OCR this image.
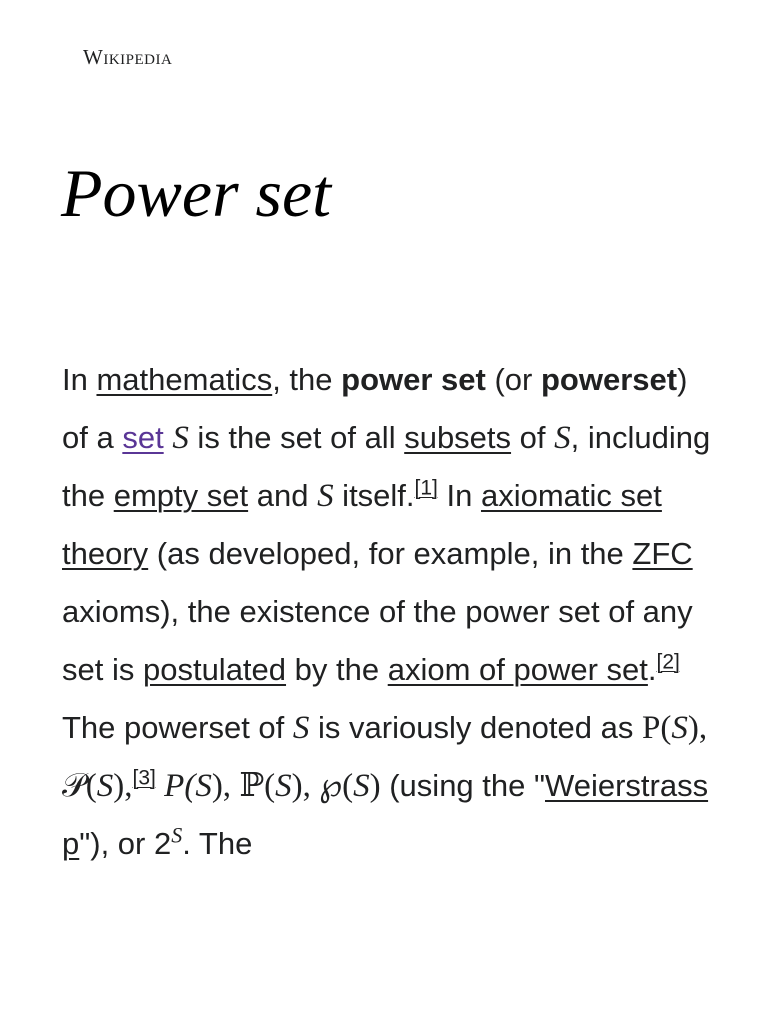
Wikipedia
Power set

In mathematics, the power set (or powerset) of a set S is the set of all subsets of S, including the empty set and S itself.[1] In axiomatic set theory (as developed, for example, in the ZFC axioms), the existence of the power set of any set is postulated by the axiom of power set.[2] The powerset of S is variously denoted as P(S), 𝒫(S),[3] P(S), ℙ(S), ℘(S) (using the "Weierstrass p"), or $2^S$. The
